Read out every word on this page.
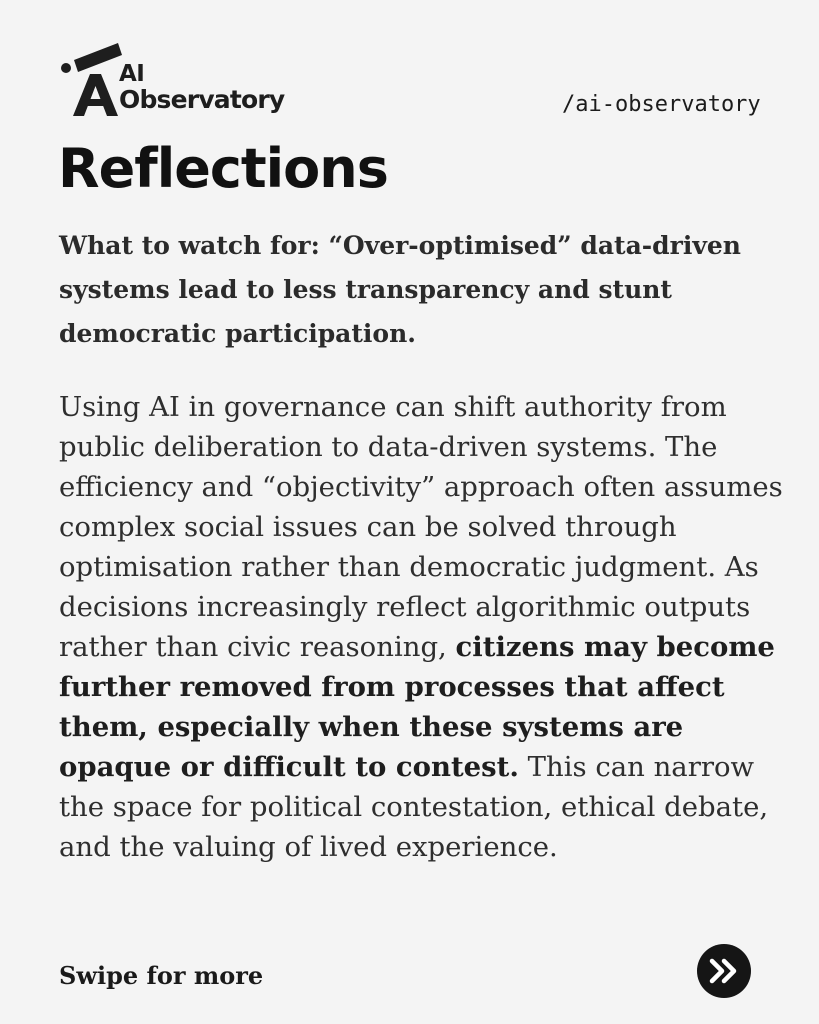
AI
Observatory	/ai-observatory
Reflections

What to watch for: “Over-optimised” data-driven systems lead to less transparency and stunt democratic participation.

Using AI in governance can shift authority from public deliberation to data-driven systems. The efficiency and “objectivity” approach often assumes complex social issues can be solved through optimisation rather than democratic judgment. As decisions increasingly reflect algorithmic outputs rather than civic reasoning, citizens may become further removed from processes that affect them, especially when these systems are opaque or difficult to contest. This can narrow the space for political contestation, ethical debate, and the valuing of lived experience.

Swipe for more
